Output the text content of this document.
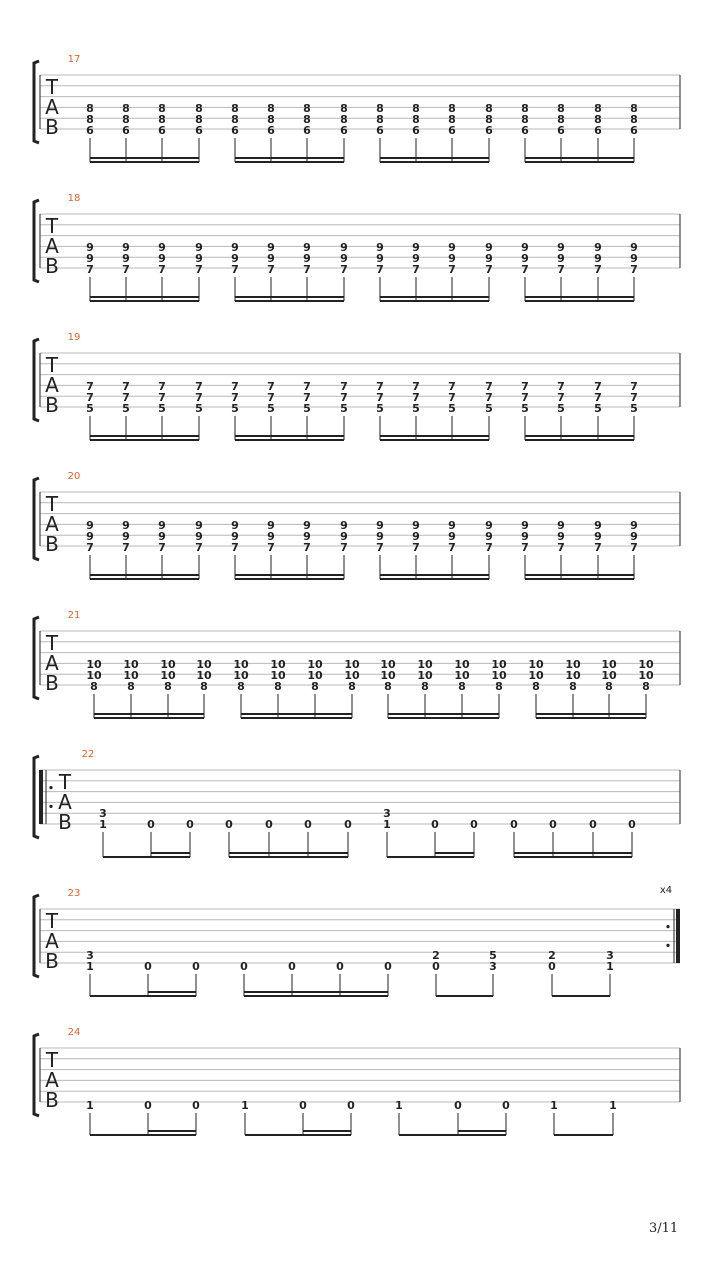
T
A
B
17
8
8
6
8
8
6
8
8
6
8
8
6
8
8
6
8
8
6
8
8
6
8
8
6
8
8
6
8
8
6
8
8
6
8
8
6
8
8
6
8
8
6
8
8
6
8
8
6
T
A
B
18
9
9
7
9
9
7
9
9
7
9
9
7
9
9
7
9
9
7
9
9
7
9
9
7
9
9
7
9
9
7
9
9
7
9
9
7
9
9
7
9
9
7
9
9
7
9
9
7
T
A
B
19
7
7
5
7
7
5
7
7
5
7
7
5
7
7
5
7
7
5
7
7
5
7
7
5
7
7
5
7
7
5
7
7
5
7
7
5
7
7
5
7
7
5
7
7
5
7
7
5
T
A
B
20
9
9
7
9
9
7
9
9
7
9
9
7
9
9
7
9
9
7
9
9
7
9
9
7
9
9
7
9
9
7
9
9
7
9
9
7
9
9
7
9
9
7
9
9
7
9
9
7
T
A
B
21
10
10
8
10
10
8
10
10
8
10
10
8
10
10
8
10
10
8
10
10
8
10
10
8
10
10
8
10
10
8
10
10
8
10
10
8
10
10
8
10
10
8
10
10
8
10
10
8
T
A
B
22
3
1	0	0	0	0	0	0
3
1	0	0	0	0	0	0
x4
T
A
B
23
3
1	0	0	0	0	0	0
2
0
5
3
2
0
3
1
T
A
B
24
1	0	0	1	0	0	1	0	0	1	1
3/11
